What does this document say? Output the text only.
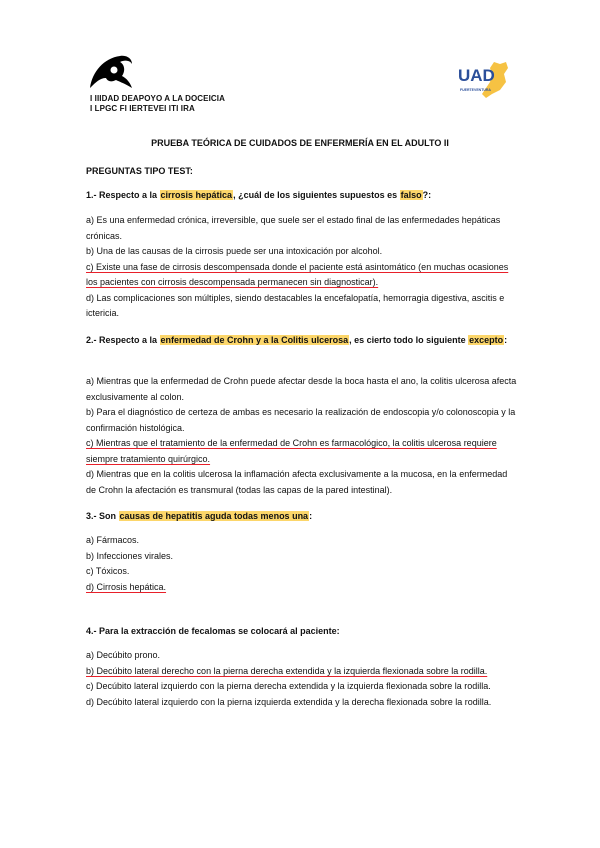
I IIIDAD DEAPOYO A LA DOCEICIA
I LPGC FI IERTEVEI ITI IRA
UAD
FUERTEVENTURA
PRUEBA TEÓRICA DE CUIDADOS DE ENFERMERÍA EN EL ADULTO II
PREGUNTAS TIPO TEST:
1.- Respecto a la cirrosis hepática, ¿cuál de los siguientes supuestos es falso?:
a) Es una enfermedad crónica, irreversible, que suele ser el estado final de las enfermedades hepáticas crónicas.
b) Una de las causas de la cirrosis puede ser una intoxicación por alcohol.
c) Existe una fase de cirrosis descompensada donde el paciente está asintomático (en muchas ocasiones los pacientes con cirrosis descompensada permanecen sin diagnosticar).
d) Las complicaciones son múltiples, siendo destacables la encefalopatía, hemorragia digestiva, ascitis e ictericia.
2.- Respecto a la enfermedad de Crohn y a la Colitis ulcerosa, es cierto todo lo siguiente excepto:
a) Mientras que la enfermedad de Crohn puede afectar desde la boca hasta el ano, la colitis ulcerosa afecta exclusivamente al colon.
b) Para el diagnóstico de certeza de ambas es necesario la realización de endoscopia y/o colonoscopia y la confirmación histológica.
c) Mientras que el tratamiento de la enfermedad de Crohn es farmacológico, la colitis ulcerosa requiere siempre tratamiento quirúrgico.
d) Mientras que en la colitis ulcerosa la inflamación afecta exclusivamente a la mucosa, en la enfermedad de Crohn la afectación es transmural (todas las capas de la pared intestinal).
3.- Son causas de hepatitis aguda todas menos una:
a) Fármacos.
b) Infecciones virales.
c) Tóxicos.
d) Cirrosis hepática.
4.- Para la extracción de fecalomas se colocará al paciente:
a) Decúbito prono.
b) Decúbito lateral derecho con la pierna derecha extendida y la izquierda flexionada sobre la rodilla.
c) Decúbito lateral izquierdo con la pierna derecha extendida y la izquierda flexionada sobre la rodilla.
d) Decúbito lateral izquierdo con la pierna izquierda extendida y la derecha flexionada sobre la rodilla.
